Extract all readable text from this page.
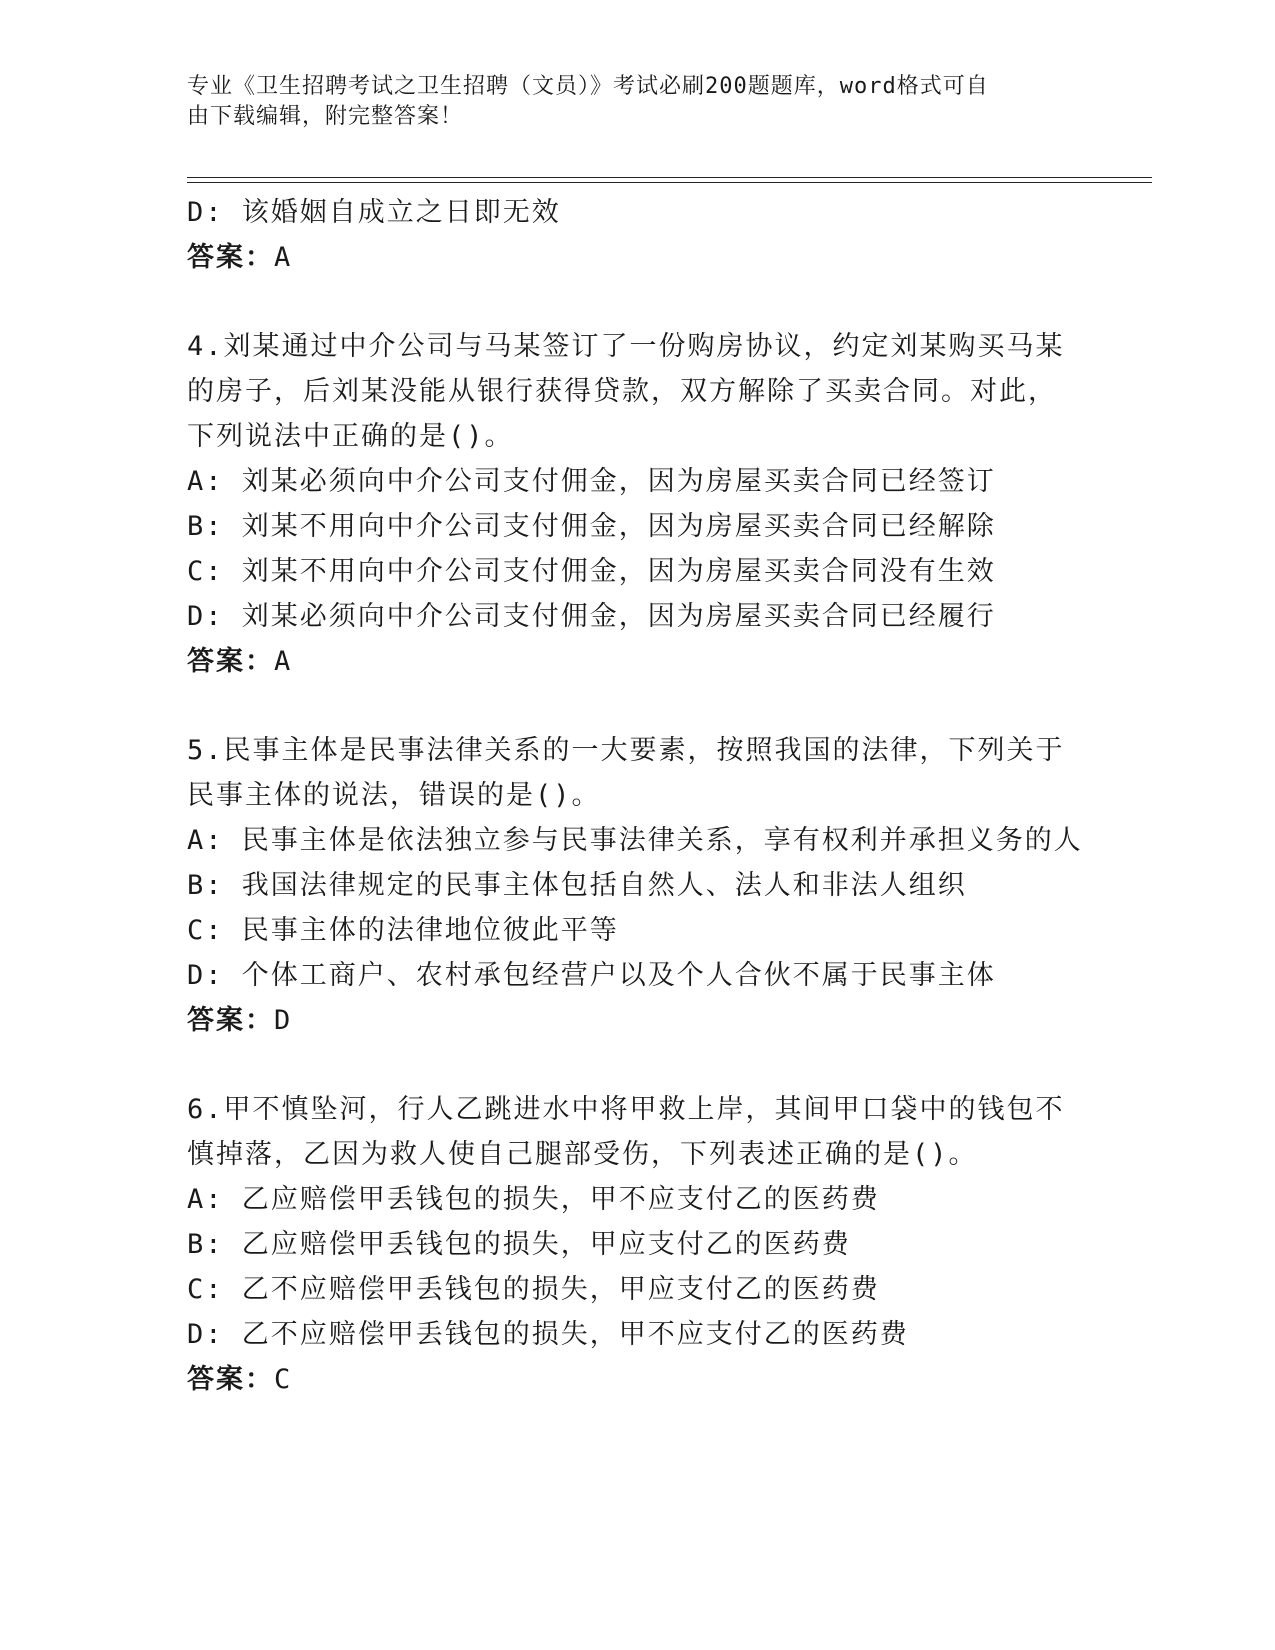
专业《卫生招聘考试之卫生招聘（文员）》考试必刷200题题库，word格式可自
由下载编辑，附完整答案！
D: 该婚姻自成立之日即无效
答案：A
4.刘某通过中介公司与马某签订了一份购房协议，约定刘某购买马某
的房子，后刘某没能从银行获得贷款，双方解除了买卖合同。对此，
下列说法中正确的是()。
A: 刘某必须向中介公司支付佣金，因为房屋买卖合同已经签订
B: 刘某不用向中介公司支付佣金，因为房屋买卖合同已经解除
C: 刘某不用向中介公司支付佣金，因为房屋买卖合同没有生效
D: 刘某必须向中介公司支付佣金，因为房屋买卖合同已经履行
答案：A
5.民事主体是民事法律关系的一大要素，按照我国的法律，下列关于
民事主体的说法，错误的是()。
A: 民事主体是依法独立参与民事法律关系，享有权利并承担义务的人
B: 我国法律规定的民事主体包括自然人、法人和非法人组织
C: 民事主体的法律地位彼此平等
D: 个体工商户、农村承包经营户以及个人合伙不属于民事主体
答案：D
6.甲不慎坠河，行人乙跳进水中将甲救上岸，其间甲口袋中的钱包不
慎掉落，乙因为救人使自己腿部受伤，下列表述正确的是()。
A: 乙应赔偿甲丢钱包的损失，甲不应支付乙的医药费
B: 乙应赔偿甲丢钱包的损失，甲应支付乙的医药费
C: 乙不应赔偿甲丢钱包的损失，甲应支付乙的医药费
D: 乙不应赔偿甲丢钱包的损失，甲不应支付乙的医药费
答案：C
